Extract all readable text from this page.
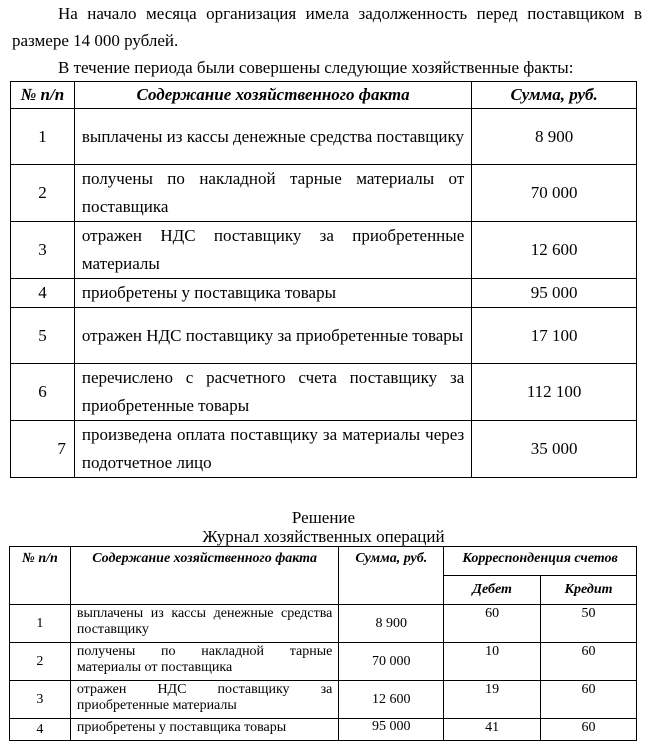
На начало месяца организация имела задолженность перед поставщиком в размере 14 000 рублей.

В течение периода были совершены следующие хозяйственные факты:

№ п/п	Содержание хозяйственного факта	Сумма, руб.
1	выплачены из кассы денежные средства поставщику	8 900
2	получены по накладной тарные материалы от поставщика	70 000
3	отражен НДС поставщику за приобретенные материалы	12 600
4	приобретены у поставщика товары	95 000
5	отражен НДС поставщику за приобретенные товары	17 100
6	перечислено с расчетного счета поставщику за приобретенные товары	112 100
7	произведена оплата поставщику за материалы через подотчетное лицо	35 000
Решение
Журнал хозяйственных операций
№ п/п	Содержание хозяйственного факта	Сумма, руб.	Корреспонденция счетов	
			Дебет	Кредит
1	выплачены из кассы денежные средства поставщику	8 900	60	50
2	получены по накладной тарные материалы от поставщика	70 000	10	60
3	отражен НДС поставщику за приобретенные материалы	12 600	19	60
4	приобретены у поставщика товары	95 000	41	60
